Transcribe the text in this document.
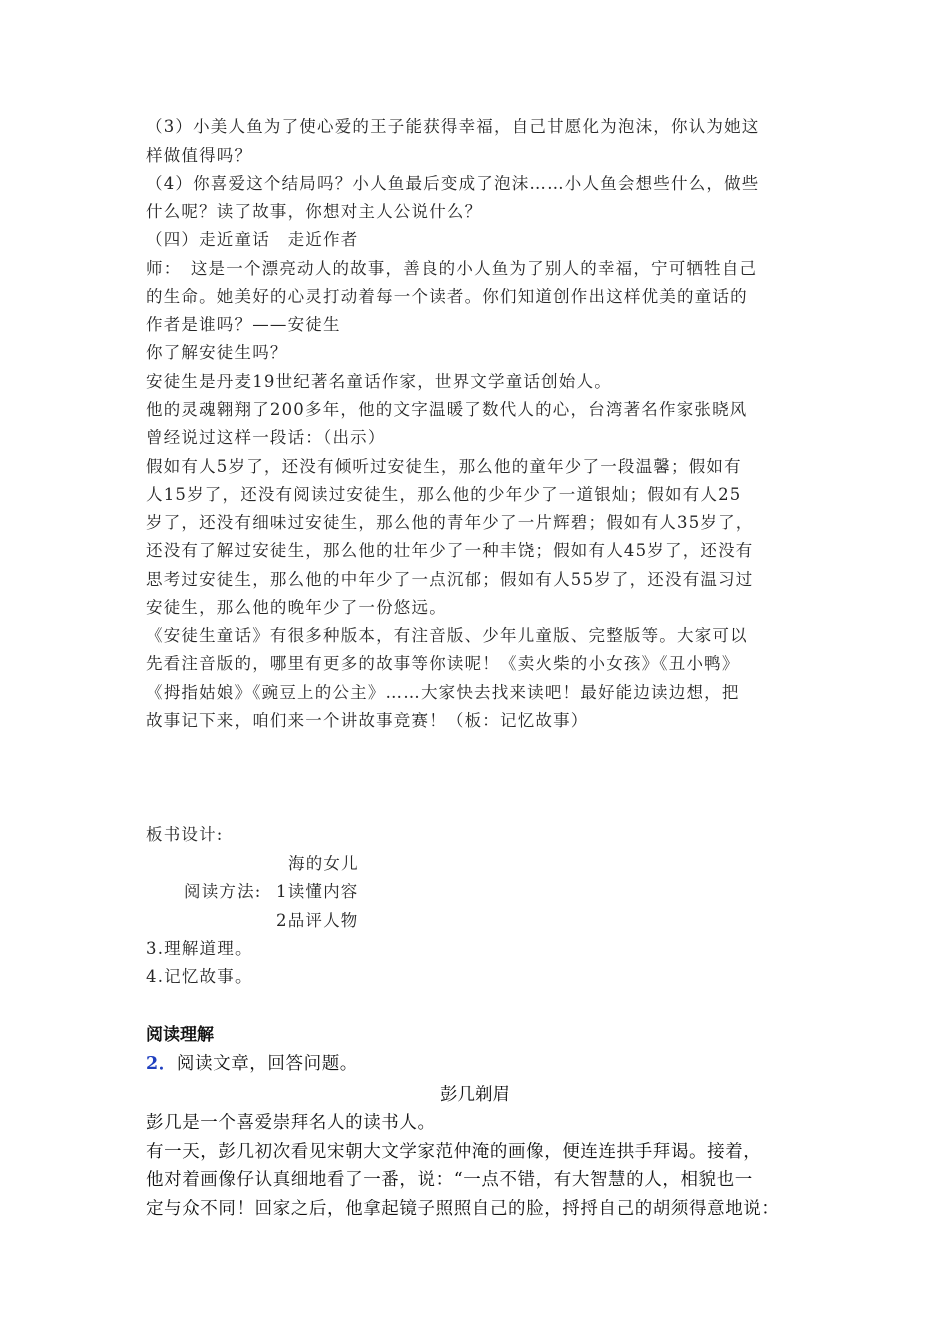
（3）小美人鱼为了使心爱的王子能获得幸福，自己甘愿化为泡沫，你认为她这
样做值得吗？
（4）你喜爱这个结局吗？小人鱼最后变成了泡沫……小人鱼会想些什么，做些
什么呢？读了故事，你想对主人公说什么？
（四）走近童话　走近作者
师：　这是一个漂亮动人的故事，善良的小人鱼为了别人的幸福，宁可牺牲自己
的生命。她美好的心灵打动着每一个读者。你们知道创作出这样优美的童话的
作者是谁吗？——安徒生
你了解安徒生吗？
安徒生是丹麦19世纪著名童话作家，世界文学童话创始人。
他的灵魂翱翔了200多年，他的文字温暖了数代人的心，台湾著名作家张晓风
曾经说过这样一段话：（出示）
假如有人5岁了，还没有倾听过安徒生，那么他的童年少了一段温馨；假如有
人15岁了，还没有阅读过安徒生，那么他的少年少了一道银灿；假如有人25
岁了，还没有细味过安徒生，那么他的青年少了一片辉碧；假如有人35岁了，
还没有了解过安徒生，那么他的壮年少了一种丰饶；假如有人45岁了，还没有
思考过安徒生，那么他的中年少了一点沉郁；假如有人55岁了，还没有温习过
安徒生，那么他的晚年少了一份悠远。
《安徒生童话》有很多种版本，有注音版、少年儿童版、完整版等。大家可以
先看注音版的，哪里有更多的故事等你读呢！《卖火柴的小女孩》《丑小鸭》
《拇指姑娘》《豌豆上的公主》……大家快去找来读吧！最好能边读边想，把
故事记下来，咱们来一个讲故事竞赛！（板：记忆故事）
板书设计:
海的女儿
阅读方法: 1读懂内容
2品评人物
3.理解道理。
4.记忆故事。
阅读理解
2．阅读文章，回答问题。
彭几剃眉
彭几是一个喜爱崇拜名人的读书人。
有一天，彭几初次看见宋朝大文学家范仲淹的画像，便连连拱手拜谒。接着，
他对着画像仔认真细地看了一番，说：“一点不错，有大智慧的人，相貌也一
定与众不同！回家之后，他拿起镜子照照自己的脸，捋捋自己的胡须得意地说：
